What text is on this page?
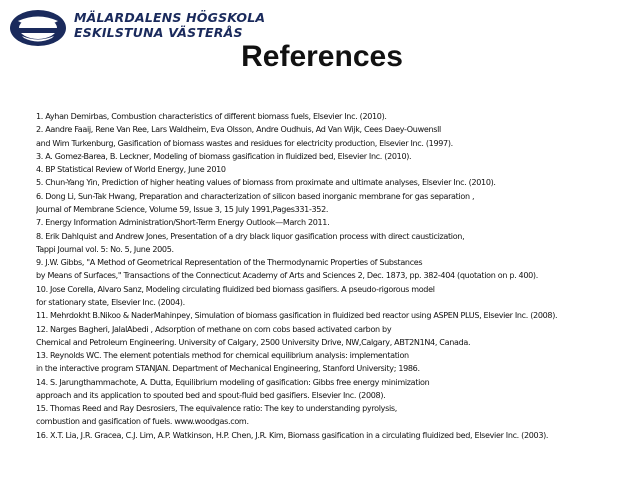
MÄLARDALENS HÖGSKOLA
ESKILSTUNA VÄSTERÅS
References
1. Ayhan Demirbas, Combustion characteristics of different biomass fuels, Elsevier Inc. (2010).
2. Aandre Faaij, Rene Van Ree, Lars Waldheim, Eva Olsson, Andre Oudhuis, Ad Van Wijk, Cees Daey-Ouwensll
and Wim Turkenburg, Gasification of biomass wastes and residues for electricity production, Elsevier Inc. (1997).
3. A. Gomez-Barea, B. Leckner, Modeling of biomass gasification in fluidized bed, Elsevier Inc. (2010).
4. BP Statistical Review of World Energy, June 2010
5. Chun-Yang Yin, Prediction of higher heating values of biomass from proximate and ultimate analyses, Elsevier Inc. (2010).
6. Dong Li, Sun-Tak Hwang, Preparation and characterization of silicon based inorganic membrane for gas separation ,
Journal of Membrane Science, Volume 59, Issue 3, 15 July 1991,Pages331-352.
7. Energy Information Administration/Short-Term Energy Outlook—March 2011.
8. Erik Dahlquist and Andrew Jones, Presentation of a dry black liquor gasification process with direct causticization,
Tappi Journal vol. 5: No. 5, June 2005.
9. J.W. Gibbs, "A Method of Geometrical Representation of the Thermodynamic Properties of Substances
by Means of Surfaces," Transactions of the Connecticut Academy of Arts and Sciences 2, Dec. 1873, pp. 382-404 (quotation on p. 400).
10. Jose Corella, Alvaro Sanz, Modeling circulating fluidized bed biomass gasifiers. A pseudo-rigorous model
for stationary state, Elsevier Inc. (2004).
11. Mehrdokht B.Nikoo & NaderMahinpey, Simulation of biomass gasification in fluidized bed reactor using ASPEN PLUS, Elsevier Inc. (2008).
12. Narges Bagheri, JalalAbedi , Adsorption of methane on corn cobs based activated carbon by
Chemical and Petroleum Engineering. University of Calgary, 2500 University Drive, NW,Calgary, ABT2N1N4, Canada.
13. Reynolds WC. The element potentials method for chemical equilibrium analysis: implementation
in the interactive program STANJAN. Department of Mechanical Engineering, Stanford University; 1986.
14. S. Jarungthammachote, A. Dutta, Equilibrium modeling of gasification: Gibbs free energy minimization
approach and its application to spouted bed and spout-fluid bed gasifiers. Elsevier Inc. (2008).
15. Thomas Reed and Ray Desrosiers, The equivalence ratio: The key to understanding pyrolysis,
combustion and gasification of fuels. www.woodgas.com.
16. X.T. Lia, J.R. Gracea, C.J. Lim, A.P. Watkinson, H.P. Chen, J.R. Kim, Biomass gasification in a circulating fluidized bed, Elsevier Inc. (2003).
